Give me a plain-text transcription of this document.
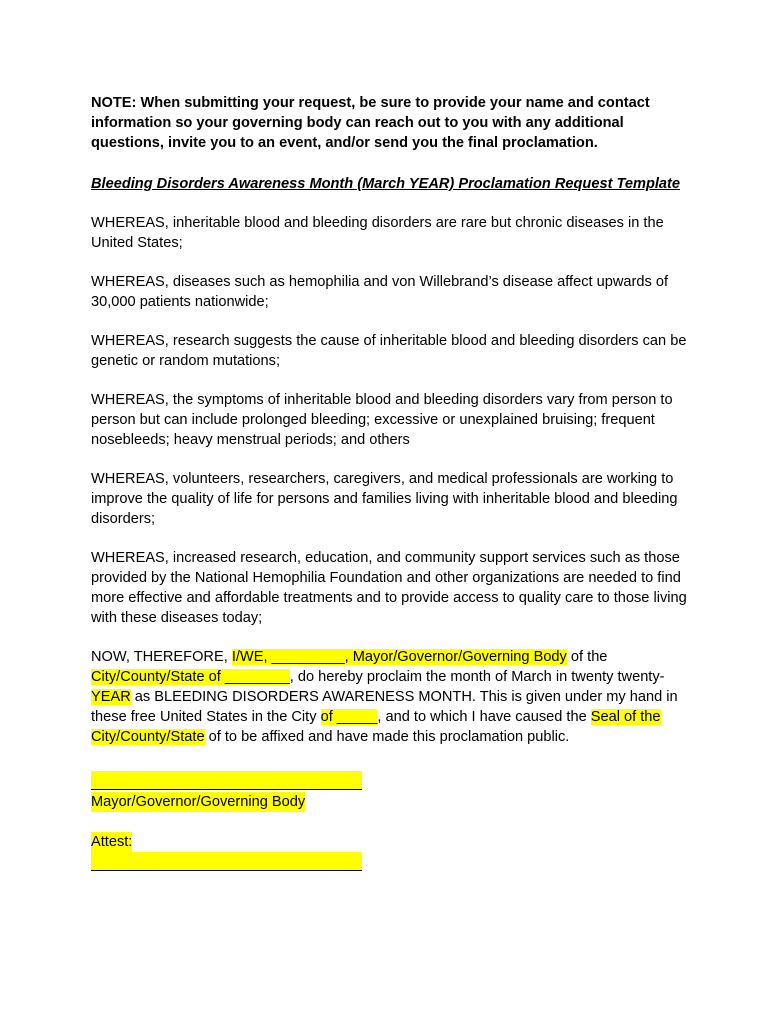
NOTE: When submitting your request, be sure to provide your name and contact information so your governing body can reach out to you with any additional questions, invite you to an event, and/or send you the final proclamation.

Bleeding Disorders Awareness Month (March YEAR) Proclamation Request Template

WHEREAS, inheritable blood and bleeding disorders are rare but chronic diseases in the United States;

WHEREAS, diseases such as hemophilia and von Willebrand’s disease affect upwards of 30,000 patients nationwide;

WHEREAS, research suggests the cause of inheritable blood and bleeding disorders can be genetic or random mutations;

WHEREAS, the symptoms of inheritable blood and bleeding disorders vary from person to person but can include prolonged bleeding; excessive or unexplained bruising; frequent nosebleeds; heavy menstrual periods; and others

WHEREAS, volunteers, researchers, caregivers, and medical professionals are working to improve the quality of life for persons and families living with inheritable blood and bleeding disorders;

WHEREAS, increased research, education, and community support services such as those provided by the National Hemophilia Foundation and other organizations are needed to find more effective and affordable treatments and to provide access to quality care to those living with these diseases today;

NOW, THEREFORE, I/WE, _________, Mayor/Governor/Governing Body of the City/County/State of ________, do hereby proclaim the month of March in twenty twenty-YEAR as BLEEDING DISORDERS AWARENESS MONTH. This is given under my hand in these free United States in the City of _____, and to which I have caused the Seal of the City/County/State of to be affixed and have made this proclamation public.

Mayor/Governor/Governing Body
Attest:
